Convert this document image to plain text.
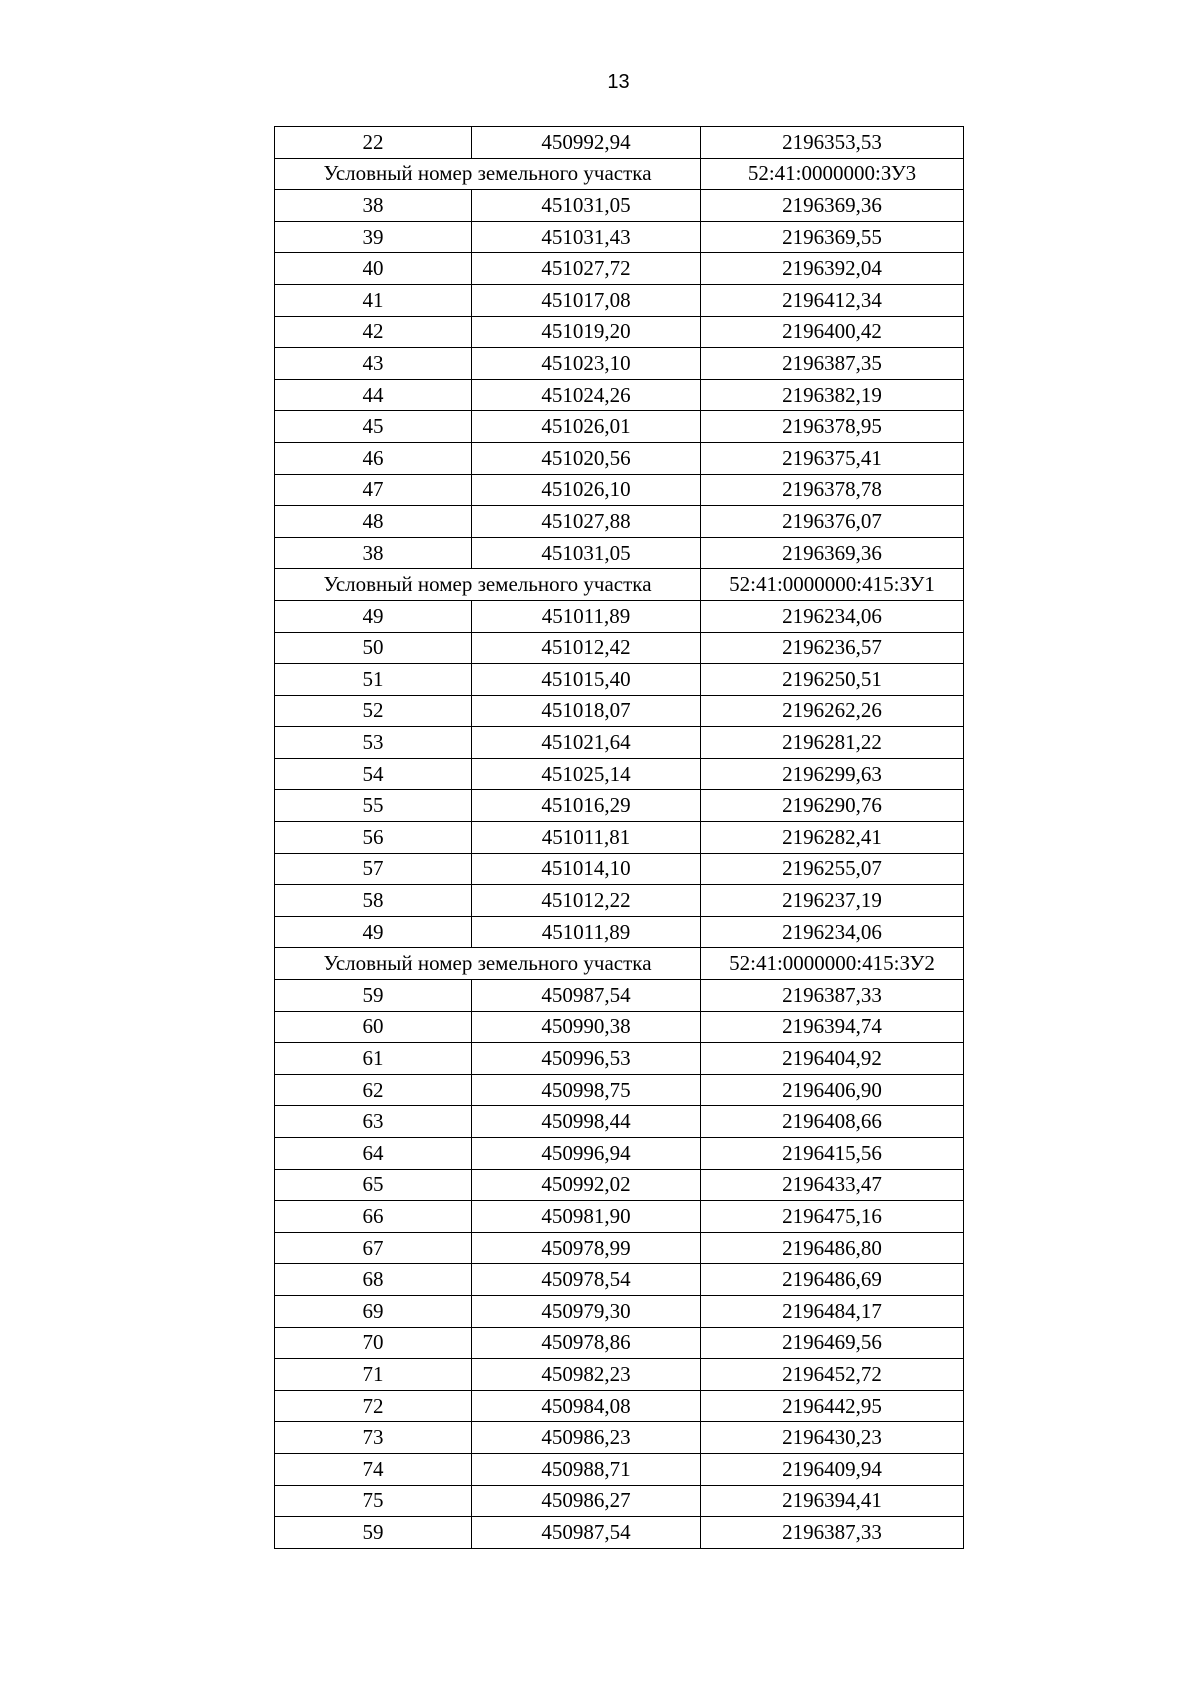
13
22	450992,94	2196353,53
Условный номер земельного участка		52:41:0000000:ЗУ3
38	451031,05	2196369,36
39	451031,43	2196369,55
40	451027,72	2196392,04
41	451017,08	2196412,34
42	451019,20	2196400,42
43	451023,10	2196387,35
44	451024,26	2196382,19
45	451026,01	2196378,95
46	451020,56	2196375,41
47	451026,10	2196378,78
48	451027,88	2196376,07
38	451031,05	2196369,36
Условный номер земельного участка		52:41:0000000:415:ЗУ1
49	451011,89	2196234,06
50	451012,42	2196236,57
51	451015,40	2196250,51
52	451018,07	2196262,26
53	451021,64	2196281,22
54	451025,14	2196299,63
55	451016,29	2196290,76
56	451011,81	2196282,41
57	451014,10	2196255,07
58	451012,22	2196237,19
49	451011,89	2196234,06
Условный номер земельного участка		52:41:0000000:415:ЗУ2
59	450987,54	2196387,33
60	450990,38	2196394,74
61	450996,53	2196404,92
62	450998,75	2196406,90
63	450998,44	2196408,66
64	450996,94	2196415,56
65	450992,02	2196433,47
66	450981,90	2196475,16
67	450978,99	2196486,80
68	450978,54	2196486,69
69	450979,30	2196484,17
70	450978,86	2196469,56
71	450982,23	2196452,72
72	450984,08	2196442,95
73	450986,23	2196430,23
74	450988,71	2196409,94
75	450986,27	2196394,41
59	450987,54	2196387,33
